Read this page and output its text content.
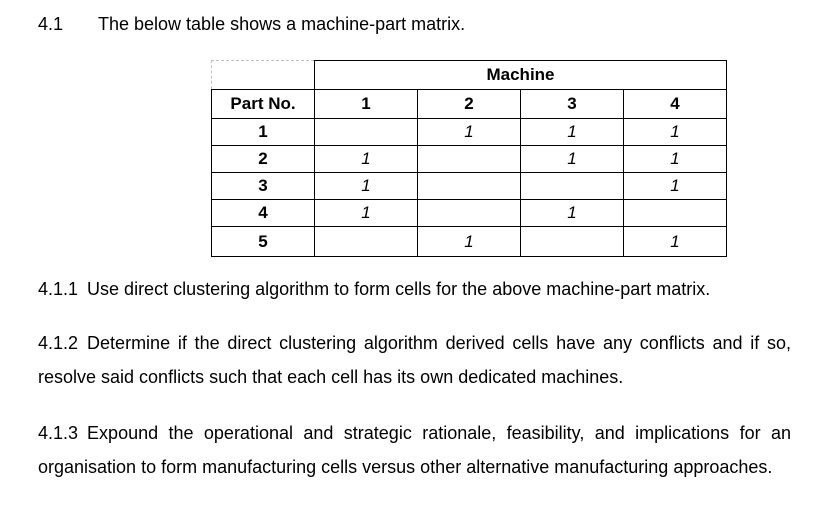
4.1 The below table shows a machine-part matrix.
	Machine			
Part No.	1	2	3	4
1		1	1	1
2	1		1	1
3	1			1
4	1		1	
5		1		1
4.1.1 Use direct clustering algorithm to form cells for the above machine-part matrix.
4.1.2 Determine if the direct clustering algorithm derived cells have any conflicts and if so, resolve said conflicts such that each cell has its own dedicated machines.
4.1.3 Expound the operational and strategic rationale, feasibility, and implications for an organisation to form manufacturing cells versus other alternative manufacturing approaches.
